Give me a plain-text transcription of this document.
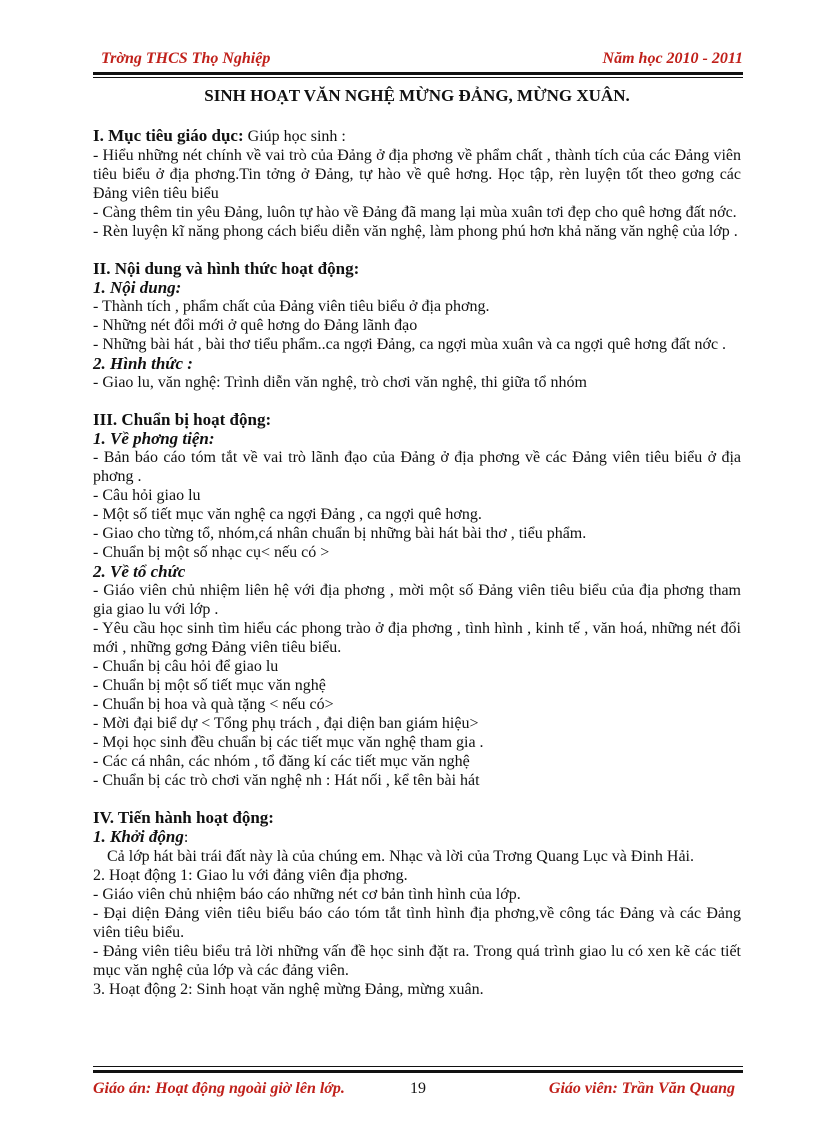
Trờng THCS Thọ Nghiệp	Năm học 2010 - 2011
SINH HOẠT VĂN NGHỆ MỪNG ĐẢNG, MỪNG XUÂN.

I. Mục tiêu giáo dục: Giúp học sinh :

- Hiểu những nét chính về vai trò của Đảng ở địa phơng về phẩm chất , thành tích của các Đảng viên tiêu biểu ở địa phơng.Tin tởng ở Đảng, tự hào về quê hơng. Học tập, rèn luyện tốt theo gơng các Đảng viên tiêu biểu

- Càng thêm tin yêu Đảng, luôn tự hào về Đảng đã mang lại mùa xuân tơi đẹp cho quê hơng đất nớc.

- Rèn luyện kĩ năng phong cách biểu diễn văn nghệ, làm phong phú hơn khả năng văn nghệ của lớp .

II. Nội dung và hình thức hoạt động:

1. Nội dung:

- Thành tích , phẩm chất của Đảng viên tiêu biểu ở địa phơng.

- Những nét đổi mới ở quê hơng do Đảng lãnh đạo

- Những bài hát , bài thơ tiểu phẩm..ca ngợi Đảng, ca ngợi mùa xuân và ca ngợi quê hơng đất nớc .

2. Hình thức :

- Giao lu, văn nghệ: Trình diễn văn nghệ, trò chơi văn nghệ, thi giữa tổ nhóm

III. Chuẩn bị hoạt động:

1. Về phơng tiện:

- Bản báo cáo tóm tắt về vai trò lãnh đạo của Đảng ở địa phơng về các Đảng viên tiêu biểu ở địa phơng .

- Câu hỏi giao lu

- Một số tiết mục văn nghệ ca ngợi Đảng , ca ngợi quê hơng.

- Giao cho từng tổ, nhóm,cá nhân chuẩn bị những bài hát bài thơ , tiểu phẩm.

- Chuẩn bị một số nhạc cụ< nếu có >

2. Về tổ chức

- Giáo viên chủ nhiệm liên hệ với địa phơng , mời một số Đảng viên tiêu biểu của địa phơng tham gia giao lu với lớp .

- Yêu cầu học sinh tìm hiểu các phong trào ở địa phơng , tình hình , kinh tế , văn hoá, những nét đổi mới , những gơng Đảng viên tiêu biểu.

- Chuẩn bị câu hỏi để giao lu

- Chuẩn bị một số tiết mục văn nghệ

- Chuẩn bị hoa và quà tặng < nếu có>

- Mời đại biể dự < Tổng phụ trách , đại diện ban giám hiệu>

- Mọi học sinh đều chuẩn bị các tiết mục văn nghệ tham gia .

- Các cá nhân, các nhóm , tổ đăng kí các tiết mục văn nghệ

- Chuẩn bị các trò chơi văn nghệ nh : Hát nối , kể tên bài hát

IV. Tiến hành hoạt động:

1. Khởi động:

Cả lớp hát bài trái đất này là của chúng em. Nhạc và lời của Trơng Quang Lục và Đinh Hải.

2. Hoạt động 1: Giao lu với đảng viên địa phơng.

- Giáo viên chủ nhiệm báo cáo những nét cơ bản tình hình của lớp.

- Đại diện Đảng viên tiêu biểu báo cáo tóm tắt tình hình địa phơng,về công tác Đảng và các Đảng viên tiêu biểu.

- Đảng viên tiêu biểu trả lời những vấn đề học sinh đặt ra. Trong quá trình giao lu có xen kẽ các tiết mục văn nghệ của lớp và các đảng viên.

3. Hoạt động 2: Sinh hoạt văn nghệ mừng Đảng, mừng xuân.

Giáo án: Hoạt động ngoài giờ lên lớp.	19	Giáo viên: Trần Văn Quang
